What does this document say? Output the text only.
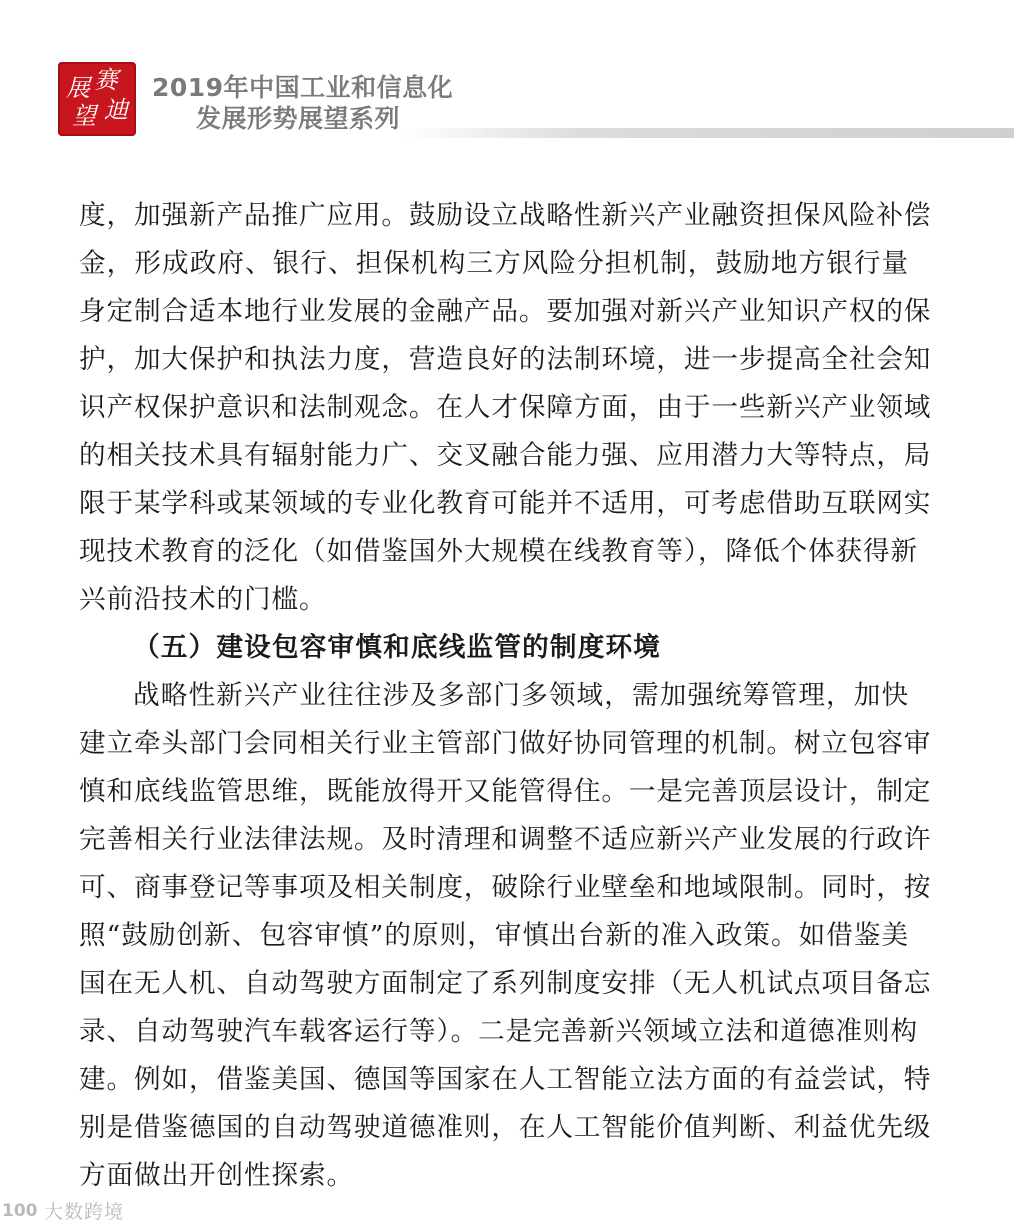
赛
展
迪
望
2019年中国工业和信息化
发展形势展望系列
度，加强新产品推广应用。鼓励设立战略性新兴产业融资担保风险补偿
金，形成政府、银行、担保机构三方风险分担机制，鼓励地方银行量
身定制合适本地行业发展的金融产品。要加强对新兴产业知识产权的保
护，加大保护和执法力度，营造良好的法制环境，进一步提高全社会知
识产权保护意识和法制观念。在人才保障方面，由于一些新兴产业领域
的相关技术具有辐射能力广、交叉融合能力强、应用潜力大等特点，局
限于某学科或某领域的专业化教育可能并不适用，可考虑借助互联网实
现技术教育的泛化（如借鉴国外大规模在线教育等），降低个体获得新
兴前沿技术的门槛。
（五）建设包容审慎和底线监管的制度环境
战略性新兴产业往往涉及多部门多领域，需加强统筹管理，加快
建立牵头部门会同相关行业主管部门做好协同管理的机制。树立包容审
慎和底线监管思维，既能放得开又能管得住。一是完善顶层设计，制定
完善相关行业法律法规。及时清理和调整不适应新兴产业发展的行政许
可、商事登记等事项及相关制度，破除行业壁垒和地域限制。同时，按
照“鼓励创新、包容审慎”的原则，审慎出台新的准入政策。如借鉴美
国在无人机、自动驾驶方面制定了系列制度安排（无人机试点项目备忘
录、自动驾驶汽车载客运行等）。二是完善新兴领域立法和道德准则构
建。例如，借鉴美国、德国等国家在人工智能立法方面的有益尝试，特
别是借鉴德国的自动驾驶道德准则，在人工智能价值判断、利益优先级
方面做出开创性探索。
100 大数跨境
